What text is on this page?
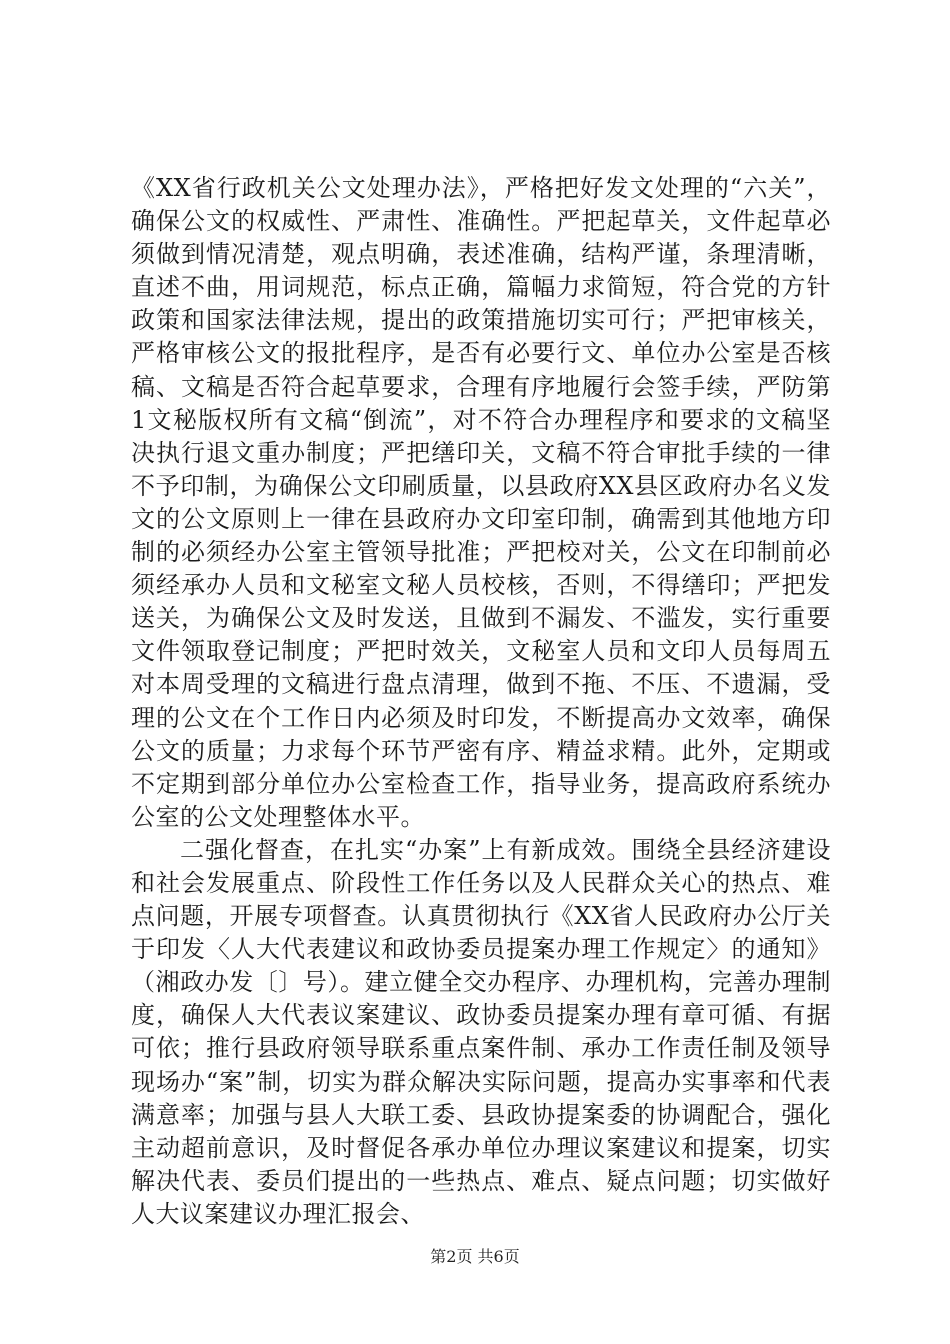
《XX省行政机关公文处理办法》，严格把好发文处理的“六关”，确保公文的权威性、严肃性、准确性。严把起草关，文件起草必须做到情况清楚，观点明确，表述准确，结构严谨，条理清晰，直述不曲，用词规范，标点正确，篇幅力求简短，符合党的方针政策和国家法律法规，提出的政策措施切实可行；严把审核关，严格审核公文的报批程序，是否有必要行文、单位办公室是否核稿、文稿是否符合起草要求，合理有序地履行会签手续，严防第1文秘版权所有文稿“倒流”，对不符合办理程序和要求的文稿坚决执行退文重办制度；严把缮印关，文稿不符合审批手续的一律不予印制，为确保公文印刷质量，以县政府XX县区政府办名义发文的公文原则上一律在县政府办文印室印制，确需到其他地方印制的必须经办公室主管领导批准；严把校对关，公文在印制前必须经承办人员和文秘室文秘人员校核，否则，不得缮印；严把发送关，为确保公文及时发送，且做到不漏发、不滥发，实行重要文件领取登记制度；严把时效关，文秘室人员和文印人员每周五对本周受理的文稿进行盘点清理，做到不拖、不压、不遗漏，受理的公文在个工作日内必须及时印发，不断提高办文效率，确保公文的质量；力求每个环节严密有序、精益求精。此外，定期或不定期到部分单位办公室检查工作，指导业务，提高政府系统办公室的公文处理整体水平。

二强化督查，在扎实“办案”上有新成效。围绕全县经济建设和社会发展重点、阶段性工作任务以及人民群众关心的热点、难点问题，开展专项督查。认真贯彻执行《XX省人民政府办公厅关于印发〈人大代表建议和政协委员提案办理工作规定〉的通知》（湘政办发〔〕号）。建立健全交办程序、办理机构，完善办理制度，确保人大代表议案建议、政协委员提案办理有章可循、有据可依；推行县政府领导联系重点案件制、承办工作责任制及领导现场办“案”制，切实为群众解决实际问题，提高办实事率和代表满意率；加强与县人大联工委、县政协提案委的协调配合，强化主动超前意识，及时督促各承办单位办理议案建议和提案，切实解决代表、委员们提出的一些热点、难点、疑点问题；切实做好人大议案建议办理汇报会、

第2页 共6页
